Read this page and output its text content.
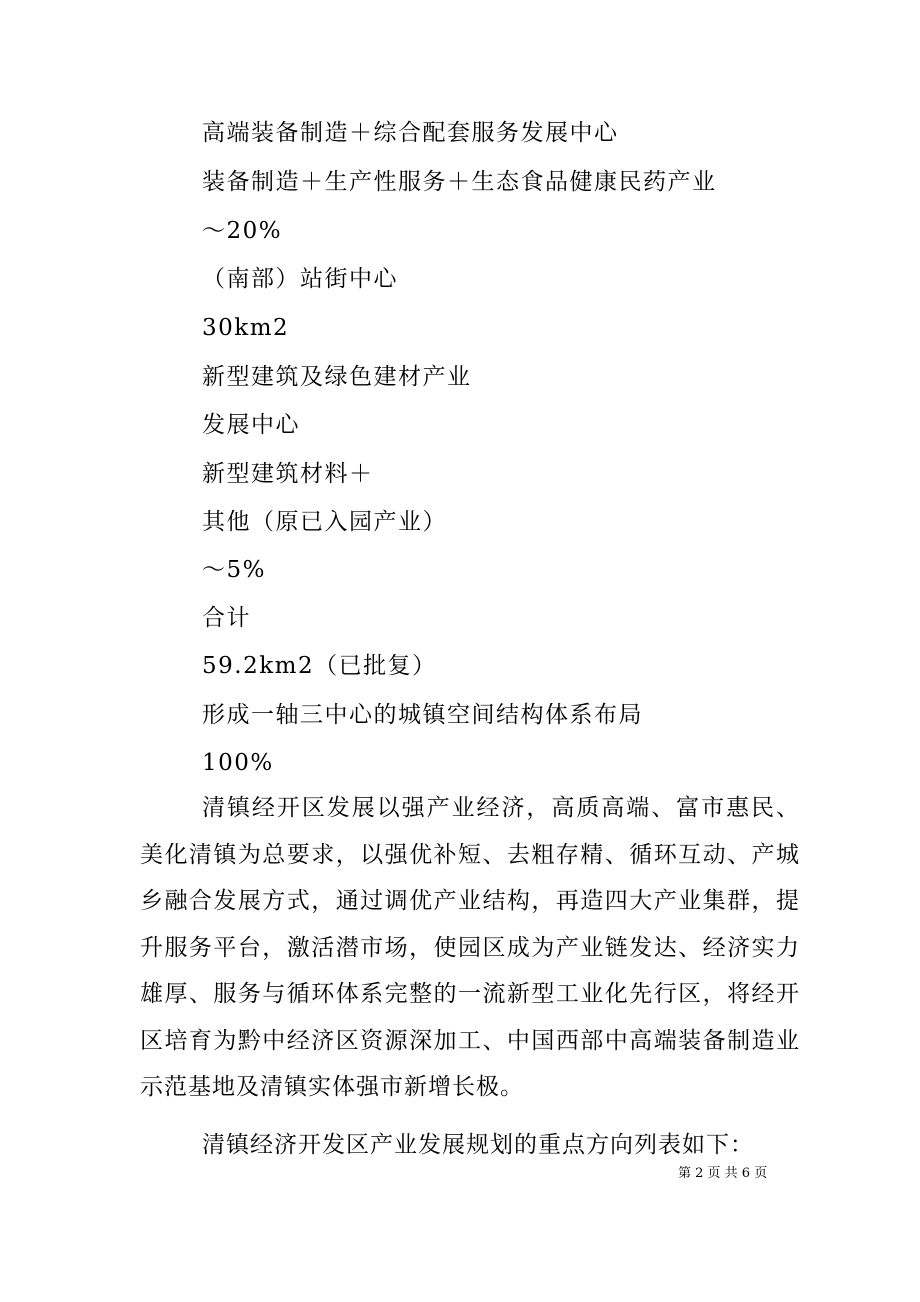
高端装备制造＋综合配套服务发展中心
装备制造＋生产性服务＋生态食品健康民药产业
～20%
（南部）站街中心
30km2
新型建筑及绿色建材产业
发展中心
新型建筑材料＋
其他（原已入园产业）
～5%
合计
59.2km2（已批复）
形成一轴三中心的城镇空间结构体系布局
100%
清镇经开区发展以强产业经济，高质高端、富市惠民、美化清镇为总要求，以强优补短、去粗存精、循环互动、产城乡融合发展方式，通过调优产业结构，再造四大产业集群，提升服务平台，激活潜市场，使园区成为产业链发达、经济实力雄厚、服务与循环体系完整的一流新型工业化先行区，将经开区培育为黔中经济区资源深加工、中国西部中高端装备制造业示范基地及清镇实体强市新增长极。
清镇经济开发区产业发展规划的重点方向列表如下：
第 2 页 共 6 页
